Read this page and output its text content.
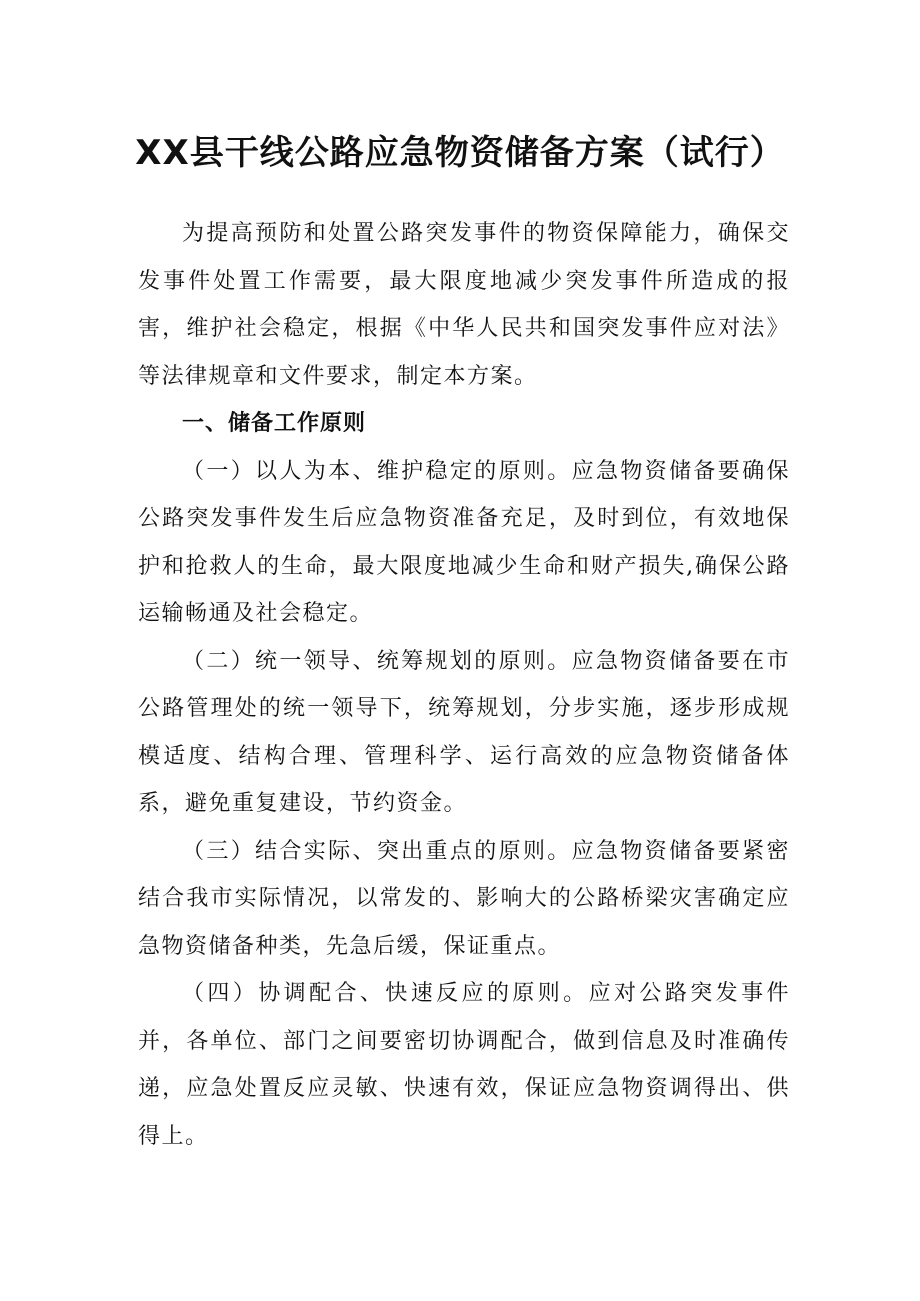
XX县干线公路应急物资储备方案（试行）

为提高预防和处置公路突发事件的物资保障能力，确保交发事件处置工作需要，最大限度地减少突发事件所造成的报害，维护社会稳定，根据《中华人民共和国突发事件应对法》等法律规章和文件要求，制定本方案。

一、储备工作原则

（一）以人为本、维护稳定的原则。应急物资储备要确保公路突发事件发生后应急物资准备充足，及时到位，有效地保护和抢救人的生命，最大限度地减少生命和财产损失,确保公路运输畅通及社会稳定。

（二）统一领导、统筹规划的原则。应急物资储备要在市公路管理处的统一领导下，统筹规划，分步实施，逐步形成规模适度、结构合理、管理科学、运行高效的应急物资储备体系，避免重复建设，节约资金。

（三）结合实际、突出重点的原则。应急物资储备要紧密结合我市实际情况，以常发的、影响大的公路桥梁灾害确定应急物资储备种类，先急后缓，保证重点。

（四）协调配合、快速反应的原则。应对公路突发事件并，各单位、部门之间要密切协调配合，做到信息及时准确传递，应急处置反应灵敏、快速有效，保证应急物资调得出、供得上。
